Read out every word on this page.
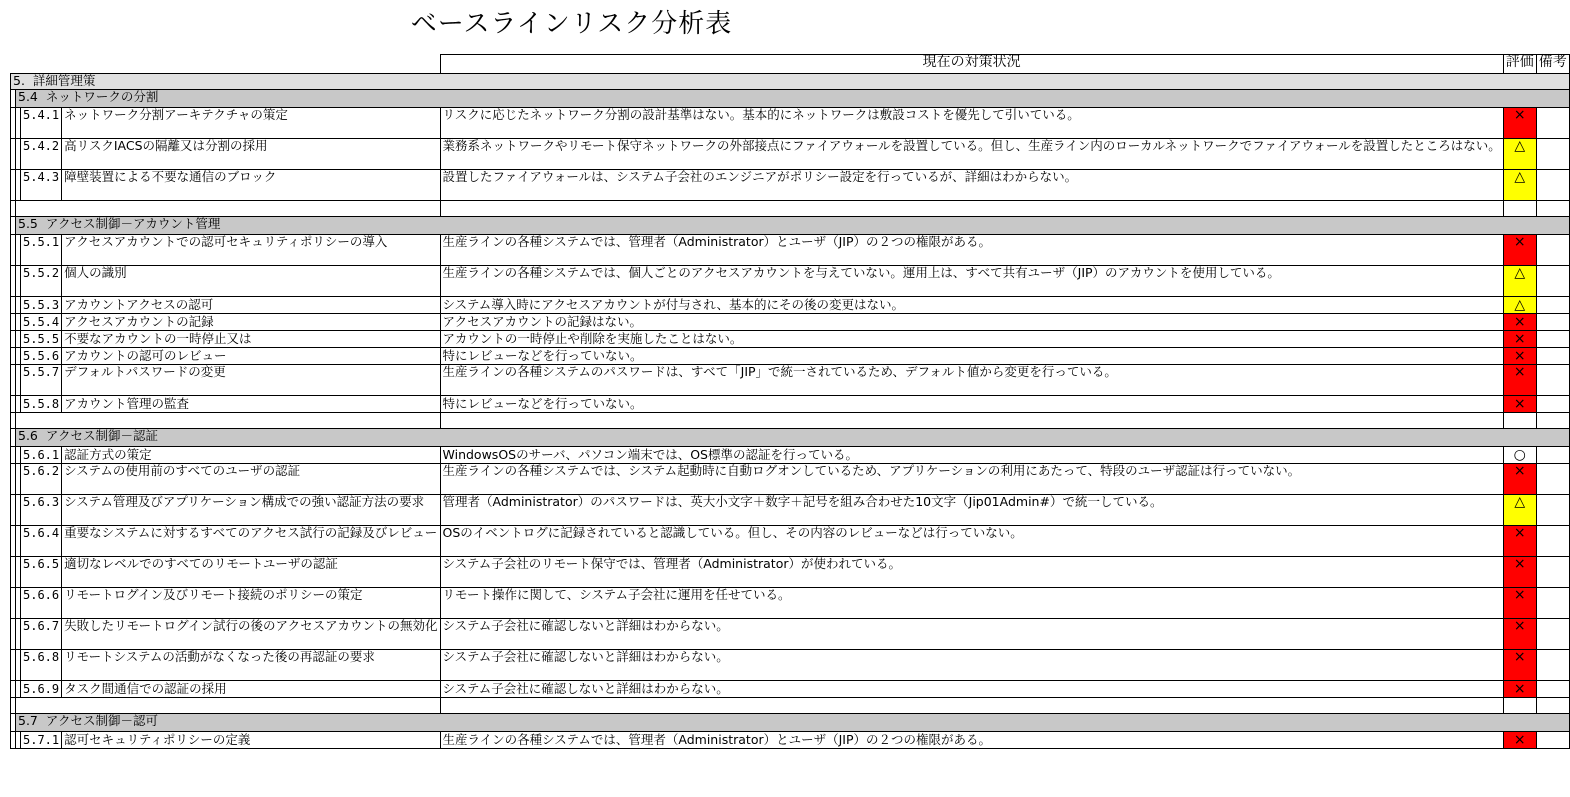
ベースラインリスク分析表
				現在の対策状況	評価	備考
5. 詳細管理策						
	5.4 ネットワークの分割					
		5.4.1	ネットワーク分割アーキテクチャの策定	リスクに応じたネットワーク分割の設計基準はない。基本的にネットワークは敷設コストを優先して引いている。	×	
		5.4.2	高リスクIACSの隔離又は分割の採用	業務系ネットワークやリモート保守ネットワークの外部接点にファイアウォールを設置している。但し、生産ライン内のローカルネットワークでファイアウォールを設置したところはない。	△	
		5.4.3	障壁装置による不要な通信のブロック	設置したファイアウォールは、システム子会社のエンジニアがポリシー設定を行っているが、詳細はわからない。	△	

	5.5 アクセス制御－アカウント管理					
		5.5.1	アクセスアカウントでの認可セキュリティポリシーの導入	生産ラインの各種システムでは、管理者（Administrator）とユーザ（JIP）の２つの権限がある。	×	
		5.5.2	個人の識別	生産ラインの各種システムでは、個人ごとのアクセスアカウントを与えていない。運用上は、すべて共有ユーザ（JIP）のアカウントを使用している。	△	
		5.5.3	アカウントアクセスの認可	システム導入時にアクセスアカウントが付与され、基本的にその後の変更はない。	△	
		5.5.4	アクセスアカウントの記録	アクセスアカウントの記録はない。	×	
		5.5.5	不要なアカウントの一時停止又は	アカウントの一時停止や削除を実施したことはない。	×	
		5.5.6	アカウントの認可のレビュー	特にレビューなどを行っていない。	×	
		5.5.7	デフォルトパスワードの変更	生産ラインの各種システムのパスワードは、すべて「JIP」で統一されているため、デフォルト値から変更を行っている。	×	
		5.5.8	アカウント管理の監査	特にレビューなどを行っていない。	×	

	5.6 アクセス制御－認証					
		5.6.1	認証方式の策定	WindowsOSのサーバ、パソコン端末では、OS標準の認証を行っている。	○	
		5.6.2	システムの使用前のすべてのユーザの認証	生産ラインの各種システムでは、システム起動時に自動ログオンしているため、アプリケーションの利用にあたって、特段のユーザ認証は行っていない。	×	
		5.6.3	システム管理及びアプリケーション構成での強い認証方法の要求	管理者（Administrator）のパスワードは、英大小文字＋数字＋記号を組み合わせた10文字（Jip01Admin#）で統一している。	△	
		5.6.4	重要なシステムに対するすべてのアクセス試行の記録及びレビュー	OSのイベントログに記録されていると認識している。但し、その内容のレビューなどは行っていない。	×	
		5.6.5	適切なレベルでのすべてのリモートユーザの認証	システム子会社のリモート保守では、管理者（Administrator）が使われている。	×	
		5.6.6	リモートログイン及びリモート接続のポリシーの策定	リモート操作に関して、システム子会社に運用を任せている。	×	
		5.6.7	失敗したリモートログイン試行の後のアクセスアカウントの無効化	システム子会社に確認しないと詳細はわからない。	×	
		5.6.8	リモートシステムの活動がなくなった後の再認証の要求	システム子会社に確認しないと詳細はわからない。	×	
		5.6.9	タスク間通信での認証の採用	システム子会社に確認しないと詳細はわからない。	×	

	5.7 アクセス制御－認可					
		5.7.1	認可セキュリティポリシーの定義	生産ラインの各種システムでは、管理者（Administrator）とユーザ（JIP）の２つの権限がある。	×	
